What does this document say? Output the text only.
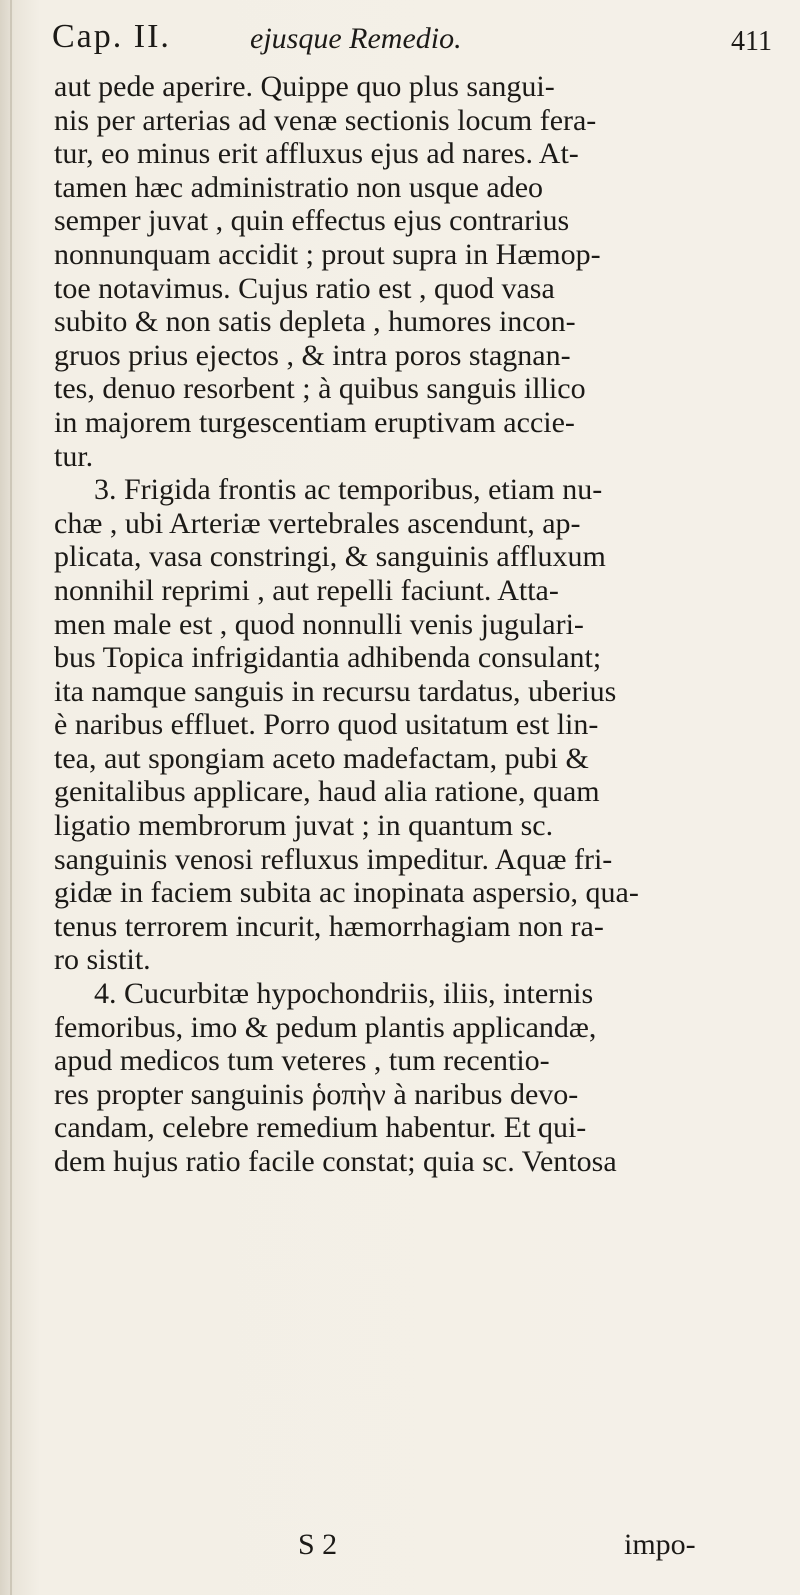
Cap. II.	ejusque Remedio.	411
aut pede aperire. Quippe quo plus sangui-
nis per arterias ad venæ sectionis locum fera-
tur, eo minus erit affluxus ejus ad nares. At-
tamen hæc administratio non usque adeo
semper juvat , quin effectus ejus contrarius
nonnunquam accidit ; prout supra in Hæmop-
toe notavimus. Cujus ratio est , quod vasa
subito & non satis depleta , humores incon-
gruos prius ejectos , & intra poros stagnan-
tes, denuo resorbent ; à quibus sanguis illico
in majorem turgescentiam eruptivam accie-
tur.
3. Frigida frontis ac temporibus, etiam nu-
chæ , ubi Arteriæ vertebrales ascendunt, ap-
plicata, vasa constringi, & sanguinis affluxum
nonnihil reprimi , aut repelli faciunt. Atta-
men male est , quod nonnulli venis jugulari-
bus Topica infrigidantia adhibenda consulant;
ita namque sanguis in recursu tardatus, uberius
è naribus effluet. Porro quod usitatum est lin-
tea, aut spongiam aceto madefactam, pubi &
genitalibus applicare, haud alia ratione, quam
ligatio membrorum juvat ; in quantum sc.
sanguinis venosi refluxus impeditur. Aquæ fri-
gidæ in faciem subita ac inopinata aspersio, qua-
tenus terrorem incurit, hæmorrhagiam non ra-
ro sistit.
4. Cucurbitæ hypochondriis, iliis, internis
femoribus, imo & pedum plantis applicandæ,
apud medicos tum veteres , tum recentio-
res propter sanguinis ῥοπὴν à naribus devo-
candam, celebre remedium habentur. Et qui-
dem hujus ratio facile constat; quia sc. Ventosa
S 2	impo-
